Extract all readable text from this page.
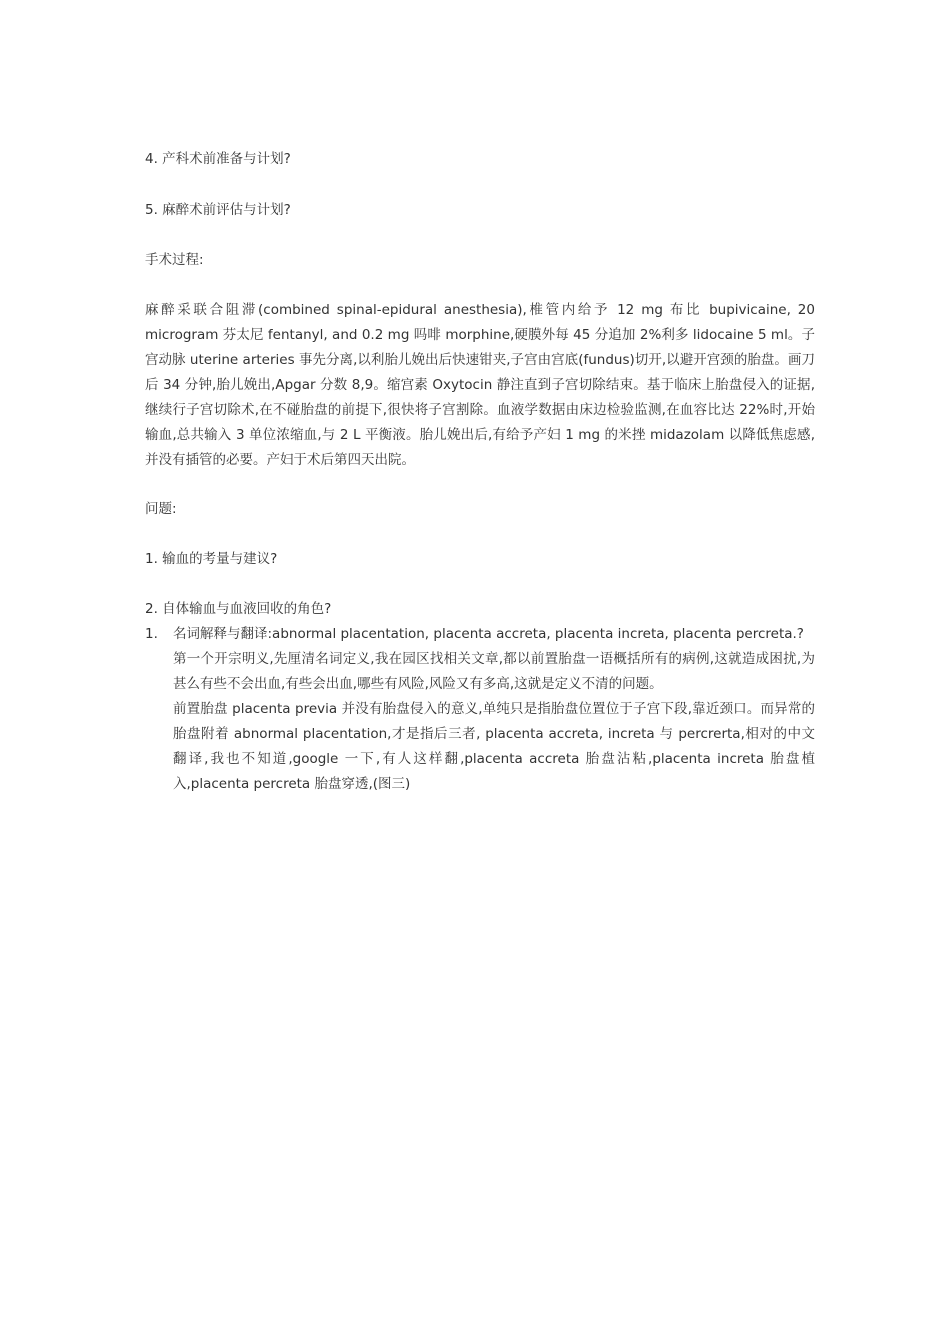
4. 产科术前准备与计划?

5. 麻醉术前评估与计划?

手术过程:

麻醉采联合阻滞(combined spinal-epidural anesthesia),椎管内给予 12 mg 布比 bupivicaine, 20 microgram 芬太尼 fentanyl, and 0.2 mg 吗啡 morphine,硬膜外每 45 分追加 2%利多 lidocaine 5 ml。子宫动脉 uterine arteries 事先分离,以利胎儿娩出后快速钳夹,子宫由宫底(fundus)切开,以避开宫颈的胎盘。画刀后 34 分钟,胎儿娩出,Apgar 分数 8,9。缩宫素 Oxytocin 静注直到子宫切除结束。基于临床上胎盘侵入的证据,继续行子宫切除术,在不碰胎盘的前提下,很快将子宫割除。血液学数据由床边检验监测,在血容比达 22%时,开始输血,总共输入 3 单位浓缩血,与 2 L 平衡液。胎儿娩出后,有给予产妇 1 mg 的米挫 midazolam 以降低焦虑感,并没有插管的必要。产妇于术后第四天出院。

问题:

1. 输血的考量与建议?

2. 自体输血与血液回收的角色?

1. 名词解释与翻译:abnormal placentation, placenta accreta, placenta increta, placenta percreta.?

第一个开宗明义,先厘清名词定义,我在园区找相关文章,都以前置胎盘一语概括所有的病例,这就造成困扰,为甚么有些不会出血,有些会出血,哪些有风险,风险又有多高,这就是定义不清的问题。

前置胎盘 placenta previa 并没有胎盘侵入的意义,单纯只是指胎盘位置位于子宫下段,靠近颈口。而异常的胎盘附着 abnormal placentation,才是指后三者, placenta accreta, increta 与 percrerta,相对的中文翻译,我也不知道,google 一下,有人这样翻,placenta accreta 胎盘沾粘,placenta increta 胎盘植入,placenta percreta 胎盘穿透,(图三)
